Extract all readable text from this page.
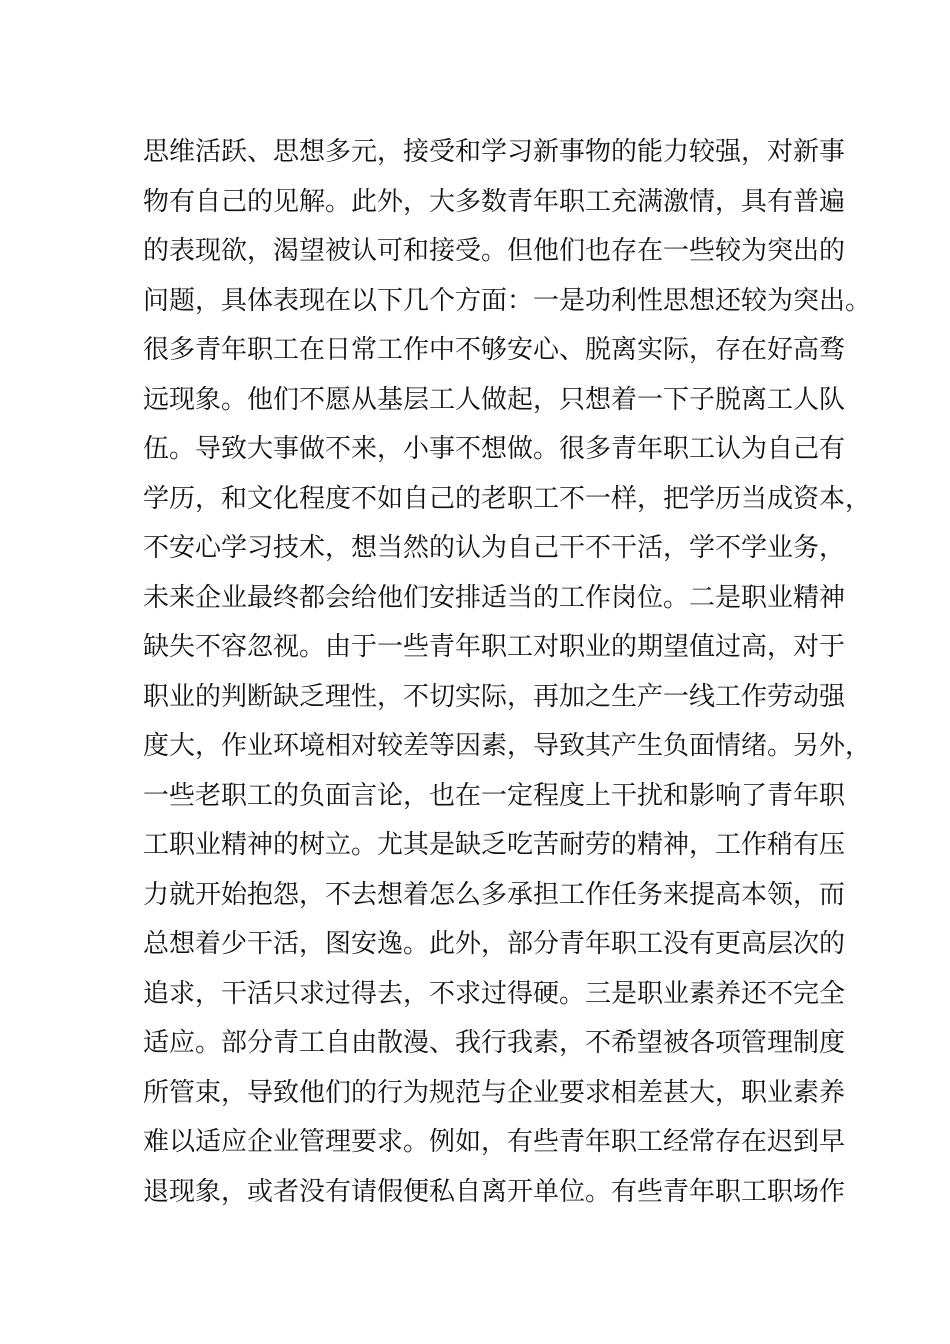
思维活跃、思想多元，接受和学习新事物的能力较强，对新事
物有自己的见解。此外，大多数青年职工充满激情，具有普遍
的表现欲，渴望被认可和接受。但他们也存在一些较为突出的
问题，具体表现在以下几个方面：一是功利性思想还较为突出。
很多青年职工在日常工作中不够安心、脱离实际，存在好高骛
远现象。他们不愿从基层工人做起，只想着一下子脱离工人队
伍。导致大事做不来，小事不想做。很多青年职工认为自己有
学历，和文化程度不如自己的老职工不一样，把学历当成资本，
不安心学习技术，想当然的认为自己干不干活，学不学业务，
未来企业最终都会给他们安排适当的工作岗位。二是职业精神
缺失不容忽视。由于一些青年职工对职业的期望值过高，对于
职业的判断缺乏理性，不切实际，再加之生产一线工作劳动强
度大，作业环境相对较差等因素，导致其产生负面情绪。另外，
一些老职工的负面言论，也在一定程度上干扰和影响了青年职
工职业精神的树立。尤其是缺乏吃苦耐劳的精神，工作稍有压
力就开始抱怨，不去想着怎么多承担工作任务来提高本领，而
总想着少干活，图安逸。此外，部分青年职工没有更高层次的
追求，干活只求过得去，不求过得硬。三是职业素养还不完全
适应。部分青工自由散漫、我行我素，不希望被各项管理制度
所管束，导致他们的行为规范与企业要求相差甚大，职业素养
难以适应企业管理要求。例如，有些青年职工经常存在迟到早
退现象，或者没有请假便私自离开单位。有些青年职工职场作
